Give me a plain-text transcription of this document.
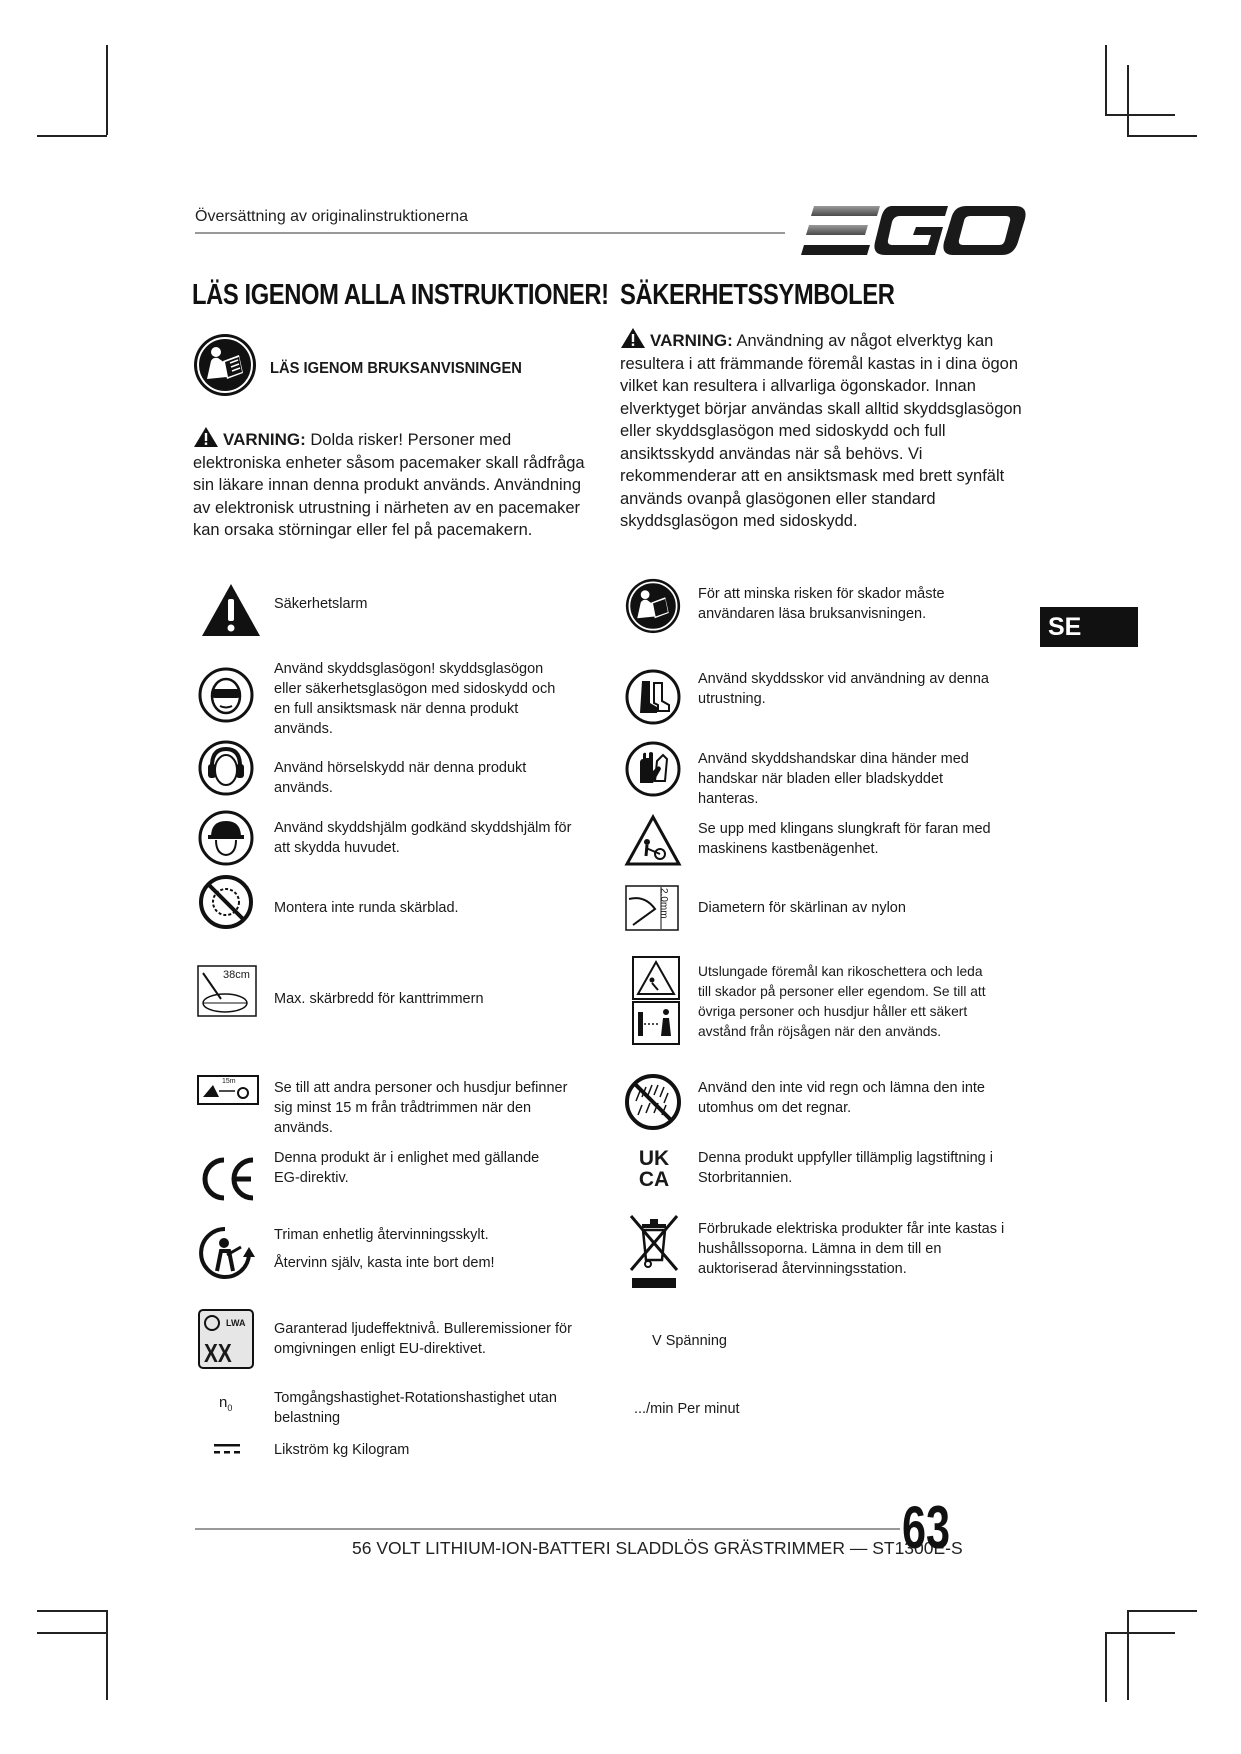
Översättning av originalinstruktionerna
LÄS IGENOM ALLA INSTRUKTIONER!
LÄS IGENOM BRUKSANVISNINGEN
VARNING: Dolda risker! Personer med elektroniska enheter såsom pacemaker skall rådfråga sin läkare innan denna produkt används. Användning av elektronisk utrustning i närheten av en pacemaker kan orsaka störningar eller fel på pacemakern.
SÄKERHETSSYMBOLER
VARNING: Användning av något elverktyg kan resultera i att främmande föremål kastas in i dina ögon vilket kan resultera i allvarliga ögonskador. Innan elverktyget börjar användas skall alltid skyddsglasögon eller skyddsglasögon med sidoskydd och full ansiktsskydd användas när så behövs. Vi rekommenderar att en ansiktsmask med brett synfält används ovanpå glasögonen eller standard skyddsglasögon med sidoskydd.
SE
Säkerhetslarm
Använd skyddsglasögon! skyddsglasögon eller säkerhetsglasögon med sidoskydd och en full ansiktsmask när denna produkt används.
Använd hörselskydd när denna produkt används.
Använd skyddshjälm godkänd skyddshjälm för att skydda huvudet.
Montera inte runda skärblad.
38cm
Max. skärbredd för kanttrimmern
15m	Se till att andra personer och husdjur befinner sig minst 15 m från trådtrimmen när den används.
Denna produkt är i enlighet med gällande EG-direktiv.
Triman enhetlig återvinningsskylt.
Återvinn själv, kasta inte bort dem!
XX
LWA Garanterad ljudeffektnivå. Bulleremissioner för omgivningen enligt EU-direktivet.
$n_0$
Tomgångshastighet-Rotationshastighet utan belastning
Likström kg Kilogram
För att minska risken för skador måste användaren läsa bruksanvisningen.
Använd skyddsskor vid användning av denna utrustning.
Använd skyddshandskar dina händer med handskar när bladen eller bladskyddet hanteras.
Se upp med klingans slungkraft för faran med maskinens kastbenägenhet.
2.0mm Diametern för skärlinan av nylon
Utslungade föremål kan rikoschettera och leda till skador på personer eller egendom. Se till att övriga personer och husdjur håller ett säkert avstånd från röjsågen när den används.
Använd den inte vid regn och lämna den inte utomhus om det regnar.
UK
CA
Denna produkt uppfyller tillämplig lagstiftning i Storbritannien.
Förbrukade elektriska produkter får inte kastas i hushållssoporna. Lämna in dem till en auktoriserad återvinningsstation.
V Spänning
.../min Per minut
56 VOLT LITHIUM-ION-BATTERI SLADDLÖS GRÄSTRIMMER — ST1300E-S
63
